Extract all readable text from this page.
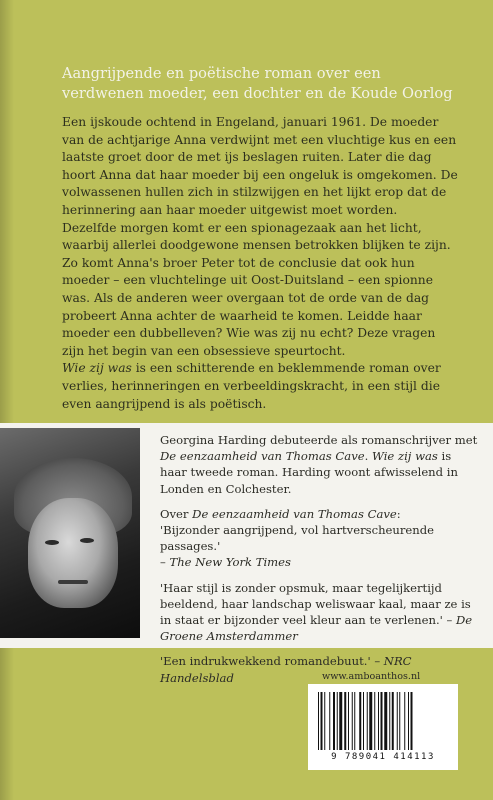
Aangrijpende en poëtische roman over een verdwenen moeder, een dochter en de Koude Oorlog

Een ijskoude ochtend in Engeland, januari 1961. De moeder van de achtjarige Anna verdwijnt met een vluchtige kus en een laatste groet door de met ijs beslagen ruiten. Later die dag hoort Anna dat haar moeder bij een ongeluk is omgekomen. De volwassenen hullen zich in stilzwijgen en het lijkt erop dat de herinnering aan haar moeder uitgewist moet worden.

Dezelfde morgen komt er een spionagezaak aan het licht, waarbij allerlei doodgewone mensen betrokken blijken te zijn. Zo komt Anna's broer Peter tot de conclusie dat ook hun moeder – een vluchtelinge uit Oost-Duitsland – een spionne was. Als de anderen weer overgaan tot de orde van de dag probeert Anna achter de waarheid te komen. Leidde haar moeder een dubbelleven? Wie was zij nu echt? Deze vragen zijn het begin van een obsessieve speurtocht.

Wie zij was is een schitterende en beklemmende roman over verlies, herinneringen en verbeeldingskracht, in een stijl die even aangrijpend is als poëtisch.

Georgina Harding debuteerde als romanschrijver met De eenzaamheid van Thomas Cave. Wie zij was is haar tweede roman. Harding woont afwisselend in Londen en Colchester.

Over De eenzaamheid van Thomas Cave:

'Bijzonder aangrijpend, vol hartverscheurende passages.'
– The New York Times

'Haar stijl is zonder opsmuk, maar tegelijkertijd beeldend, haar landschap weliswaar kaal, maar ze is in staat er bijzonder veel kleur aan te verlenen.' – De Groene Amsterdammer

'Een indrukwekkend romandebuut.' – NRC Handelsblad	www.amboanthos.nl
9 789041 414113
